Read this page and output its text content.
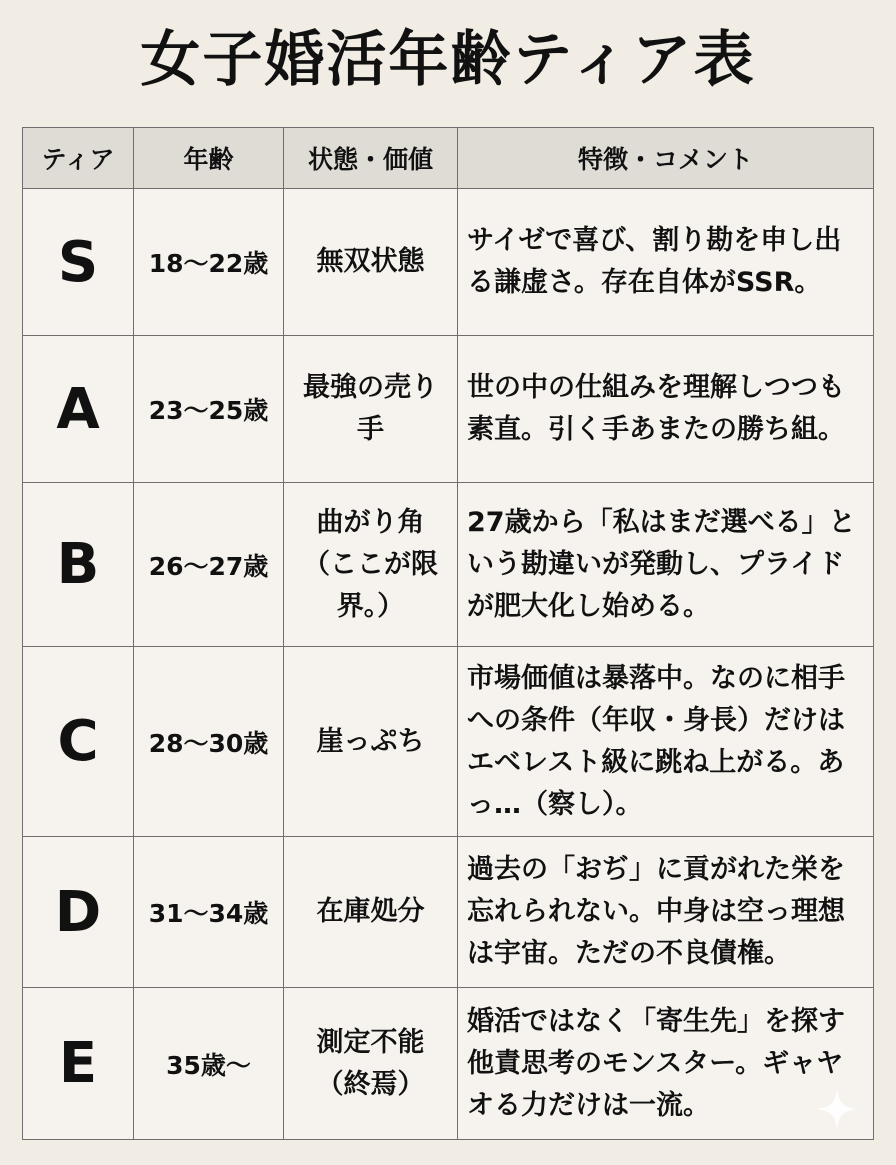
女子婚活年齢ティア表
ティア	年齢	状態・価値	特徴・コメント
S	18〜22歳	無双状態	サイゼで喜び、割り勘を申し出る謙虚さ。存在自体がSSR。
A	23〜25歳	最強の売り手	世の中の仕組みを理解しつつも素直。引く手あまたの勝ち組。
B	26〜27歳	曲がり角（ここが限界。）	27歳から「私はまだ選べる」という勘違いが発動し、プライドが肥大化し始める。
C	28〜30歳	崖っぷち	市場価値は暴落中。なのに相手への条件（年収・身長）だけはエベレスト級に跳ね上がる。あっ…（察し）。
D	31〜34歳	在庫処分	過去の「おぢ」に貢がれた栄を忘れられない。中身は空っ理想は宇宙。ただの不良債権。
E	35歳〜	測定不能（終焉）	婚活ではなく「寄生先」を探す他責思考のモンスター。ギャヤオる力だけは一流。
